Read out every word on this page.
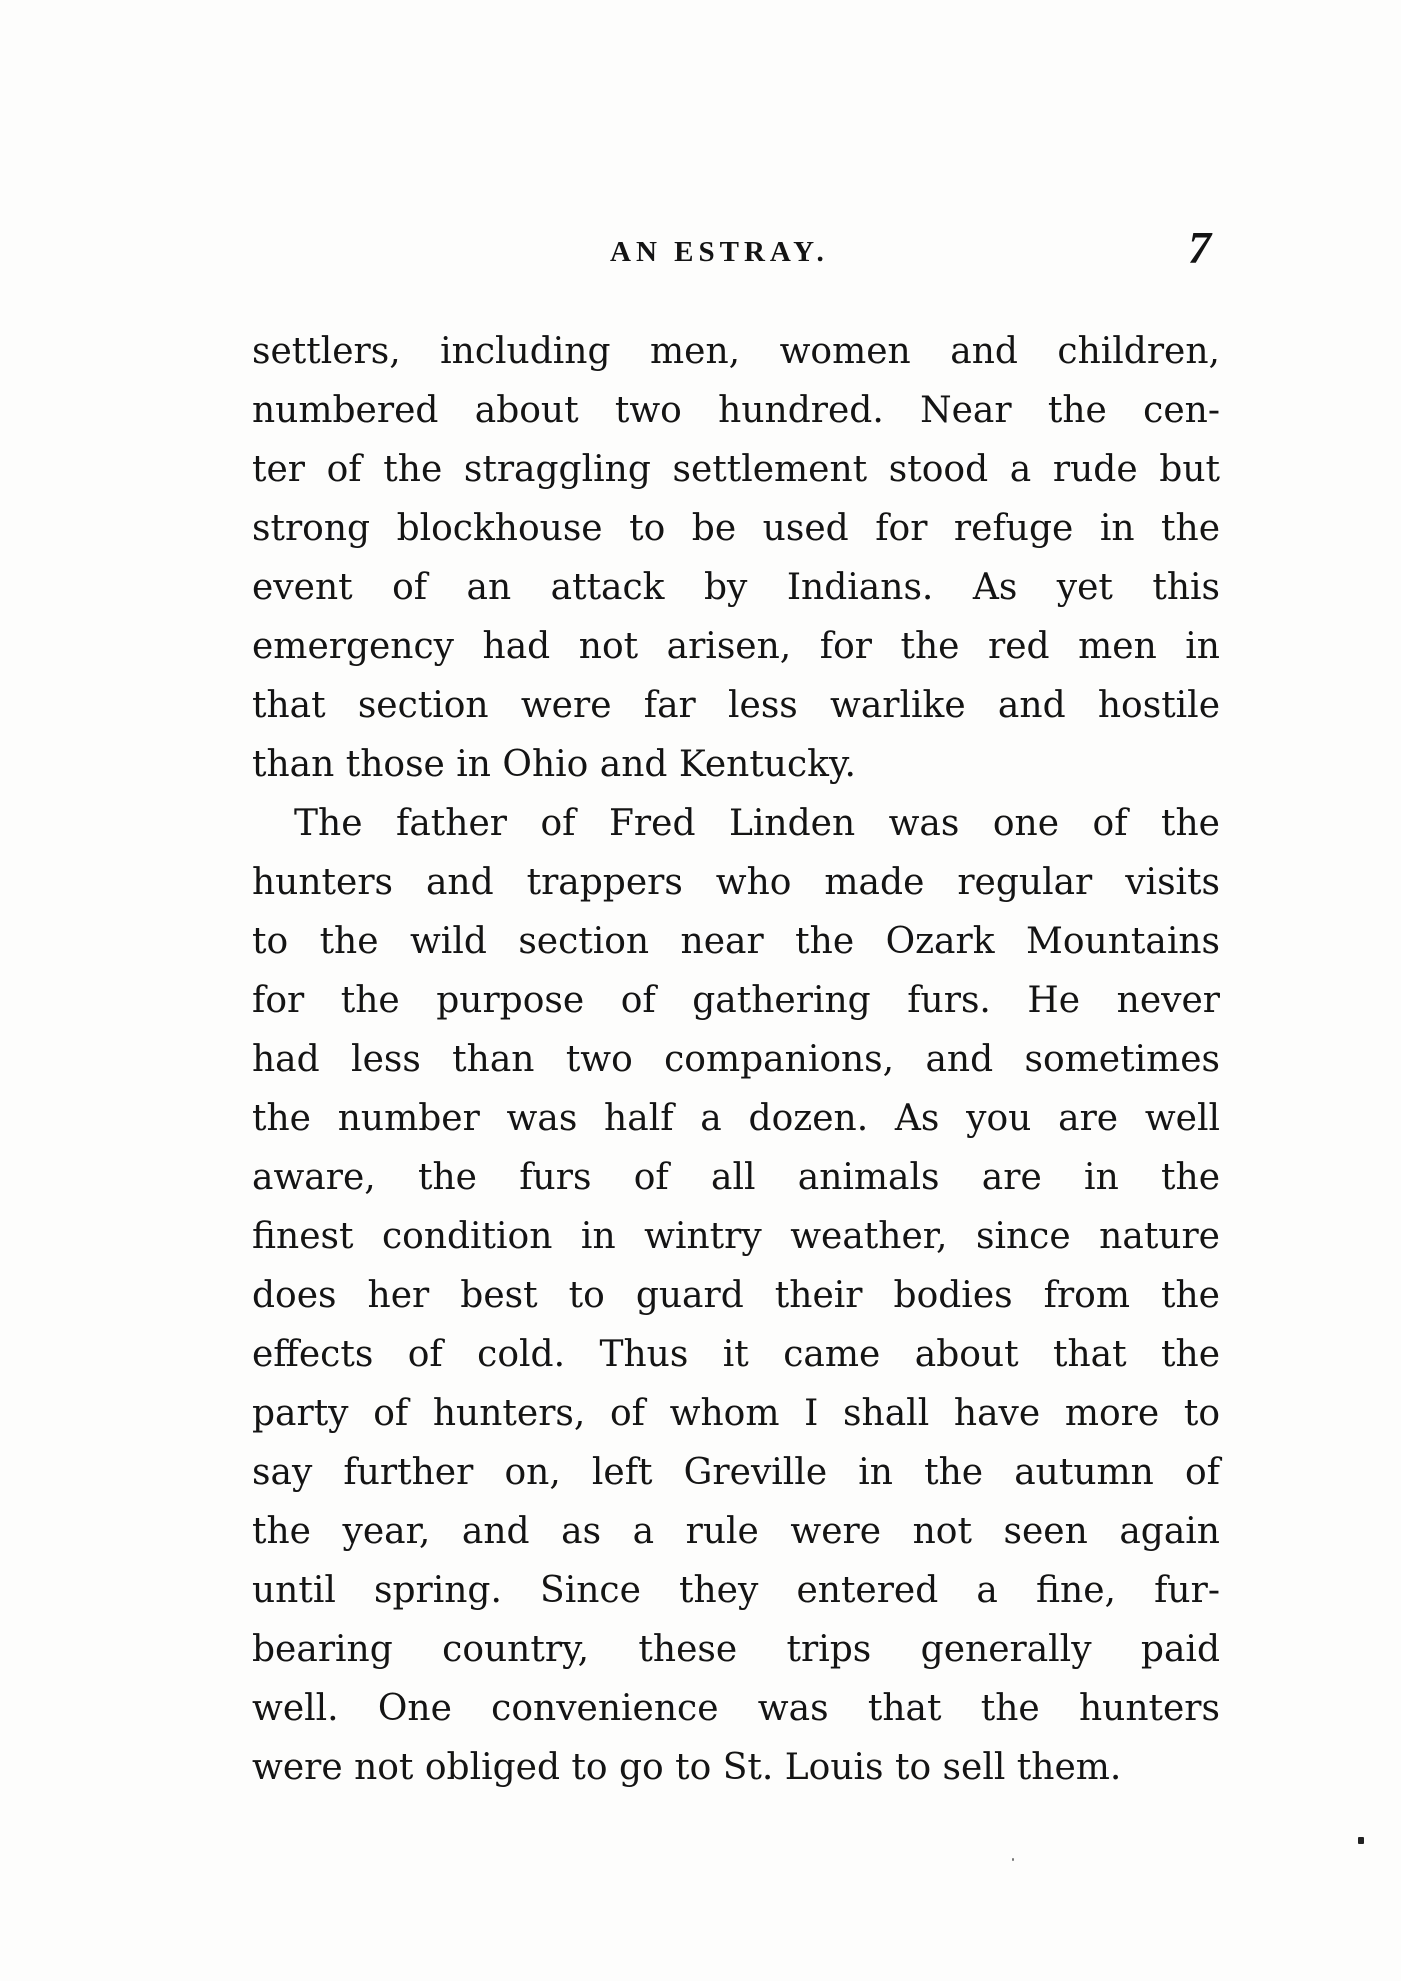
AN ESTRAY.	7
settlers, including men, women and children,
numbered about two hundred. Near the cen-
ter of the straggling settlement stood a rude but
strong blockhouse to be used for refuge in the
event of an attack by Indians. As yet this
emergency had not arisen, for the red men in
that section were far less warlike and hostile
than those in Ohio and Kentucky.
The father of Fred Linden was one of the
hunters and trappers who made regular visits
to the wild section near the Ozark Mountains
for the purpose of gathering furs. He never
had less than two companions, and sometimes
the number was half a dozen. As you are well
aware, the furs of all animals are in the
finest condition in wintry weather, since nature
does her best to guard their bodies from the
effects of cold. Thus it came about that the
party of hunters, of whom I shall have more to
say further on, left Greville in the autumn of
the year, and as a rule were not seen again
until spring. Since they entered a fine, fur-
bearing country, these trips generally paid
well. One convenience was that the hunters
were not obliged to go to St. Louis to sell them.
